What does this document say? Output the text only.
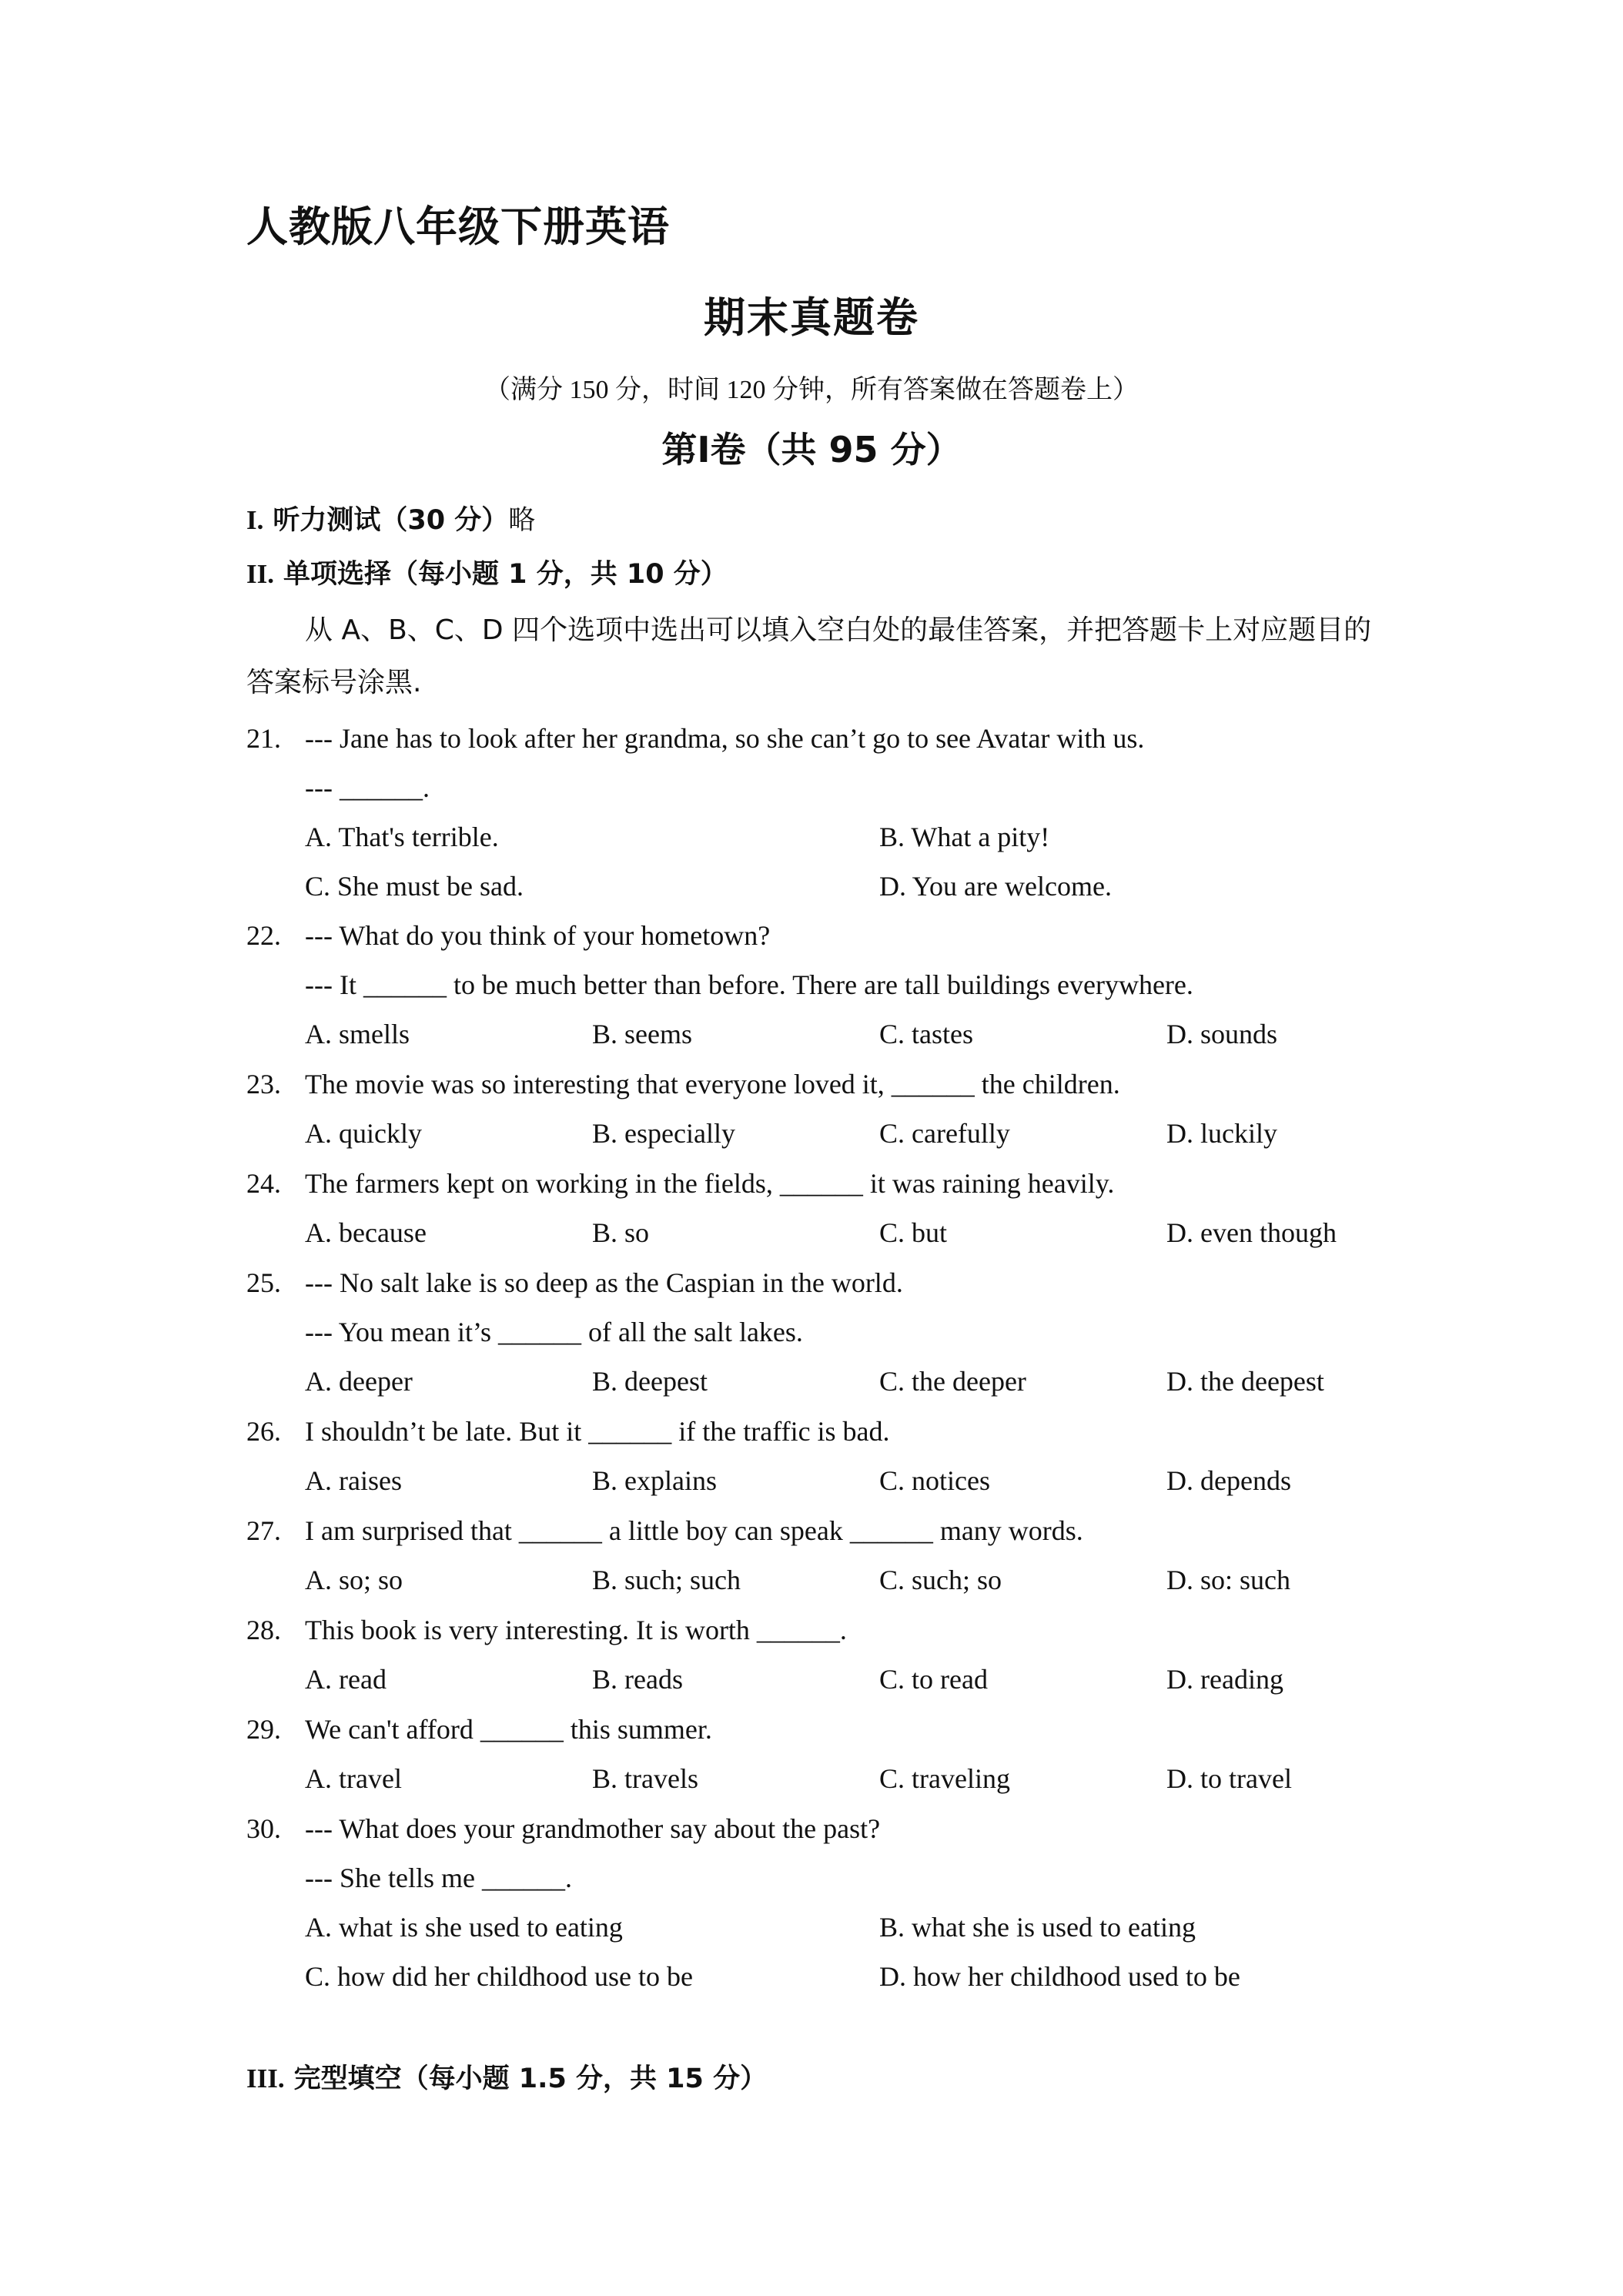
人教版八年级下册英语
期末真题卷
（满分 150 分，时间 120 分钟，所有答案做在答题卷上）
第I卷（共 95 分）
I. 听力测试（30 分）略
II. 单项选择（每小题 1 分，共 10 分）
从 A、B、C、D 四个选项中选出可以填入空白处的最佳答案，并把答题卡上对应题目的答案标号涂黑.
21. --- Jane has to look after her grandma, so she can’t go to see Avatar with us.
--- ______.
A. That's terrible.	B. What a pity!
C. She must be sad.	D. You are welcome.
22. --- What do you think of your hometown?
--- It ______ to be much better than before. There are tall buildings everywhere.
A. smells	B. seems	C. tastes	D. sounds
23. The movie was so interesting that everyone loved it, ______ the children.
A. quickly	B. especially	C. carefully	D. luckily
24. The farmers kept on working in the fields, ______ it was raining heavily.
A. because	B. so	C. but	D. even though
25. --- No salt lake is so deep as the Caspian in the world.
--- You mean it’s ______ of all the salt lakes.
A. deeper	B. deepest	C. the deeper	D. the deepest
26. I shouldn’t be late. But it ______ if the traffic is bad.
A. raises	B. explains	C. notices	D. depends
27. I am surprised that ______ a little boy can speak ______ many words.
A. so; so	B. such; such	C. such; so	D. so: such
28. This book is very interesting. It is worth ______.
A. read	B. reads	C. to read	D. reading
29. We can't afford ______ this summer.
A. travel	B. travels	C. traveling	D. to travel
30. --- What does your grandmother say about the past?
--- She tells me ______.
A. what is she used to eating	B. what she is used to eating
C. how did her childhood use to be	D. how her childhood used to be
III. 完型填空（每小题 1.5 分，共 15 分）
